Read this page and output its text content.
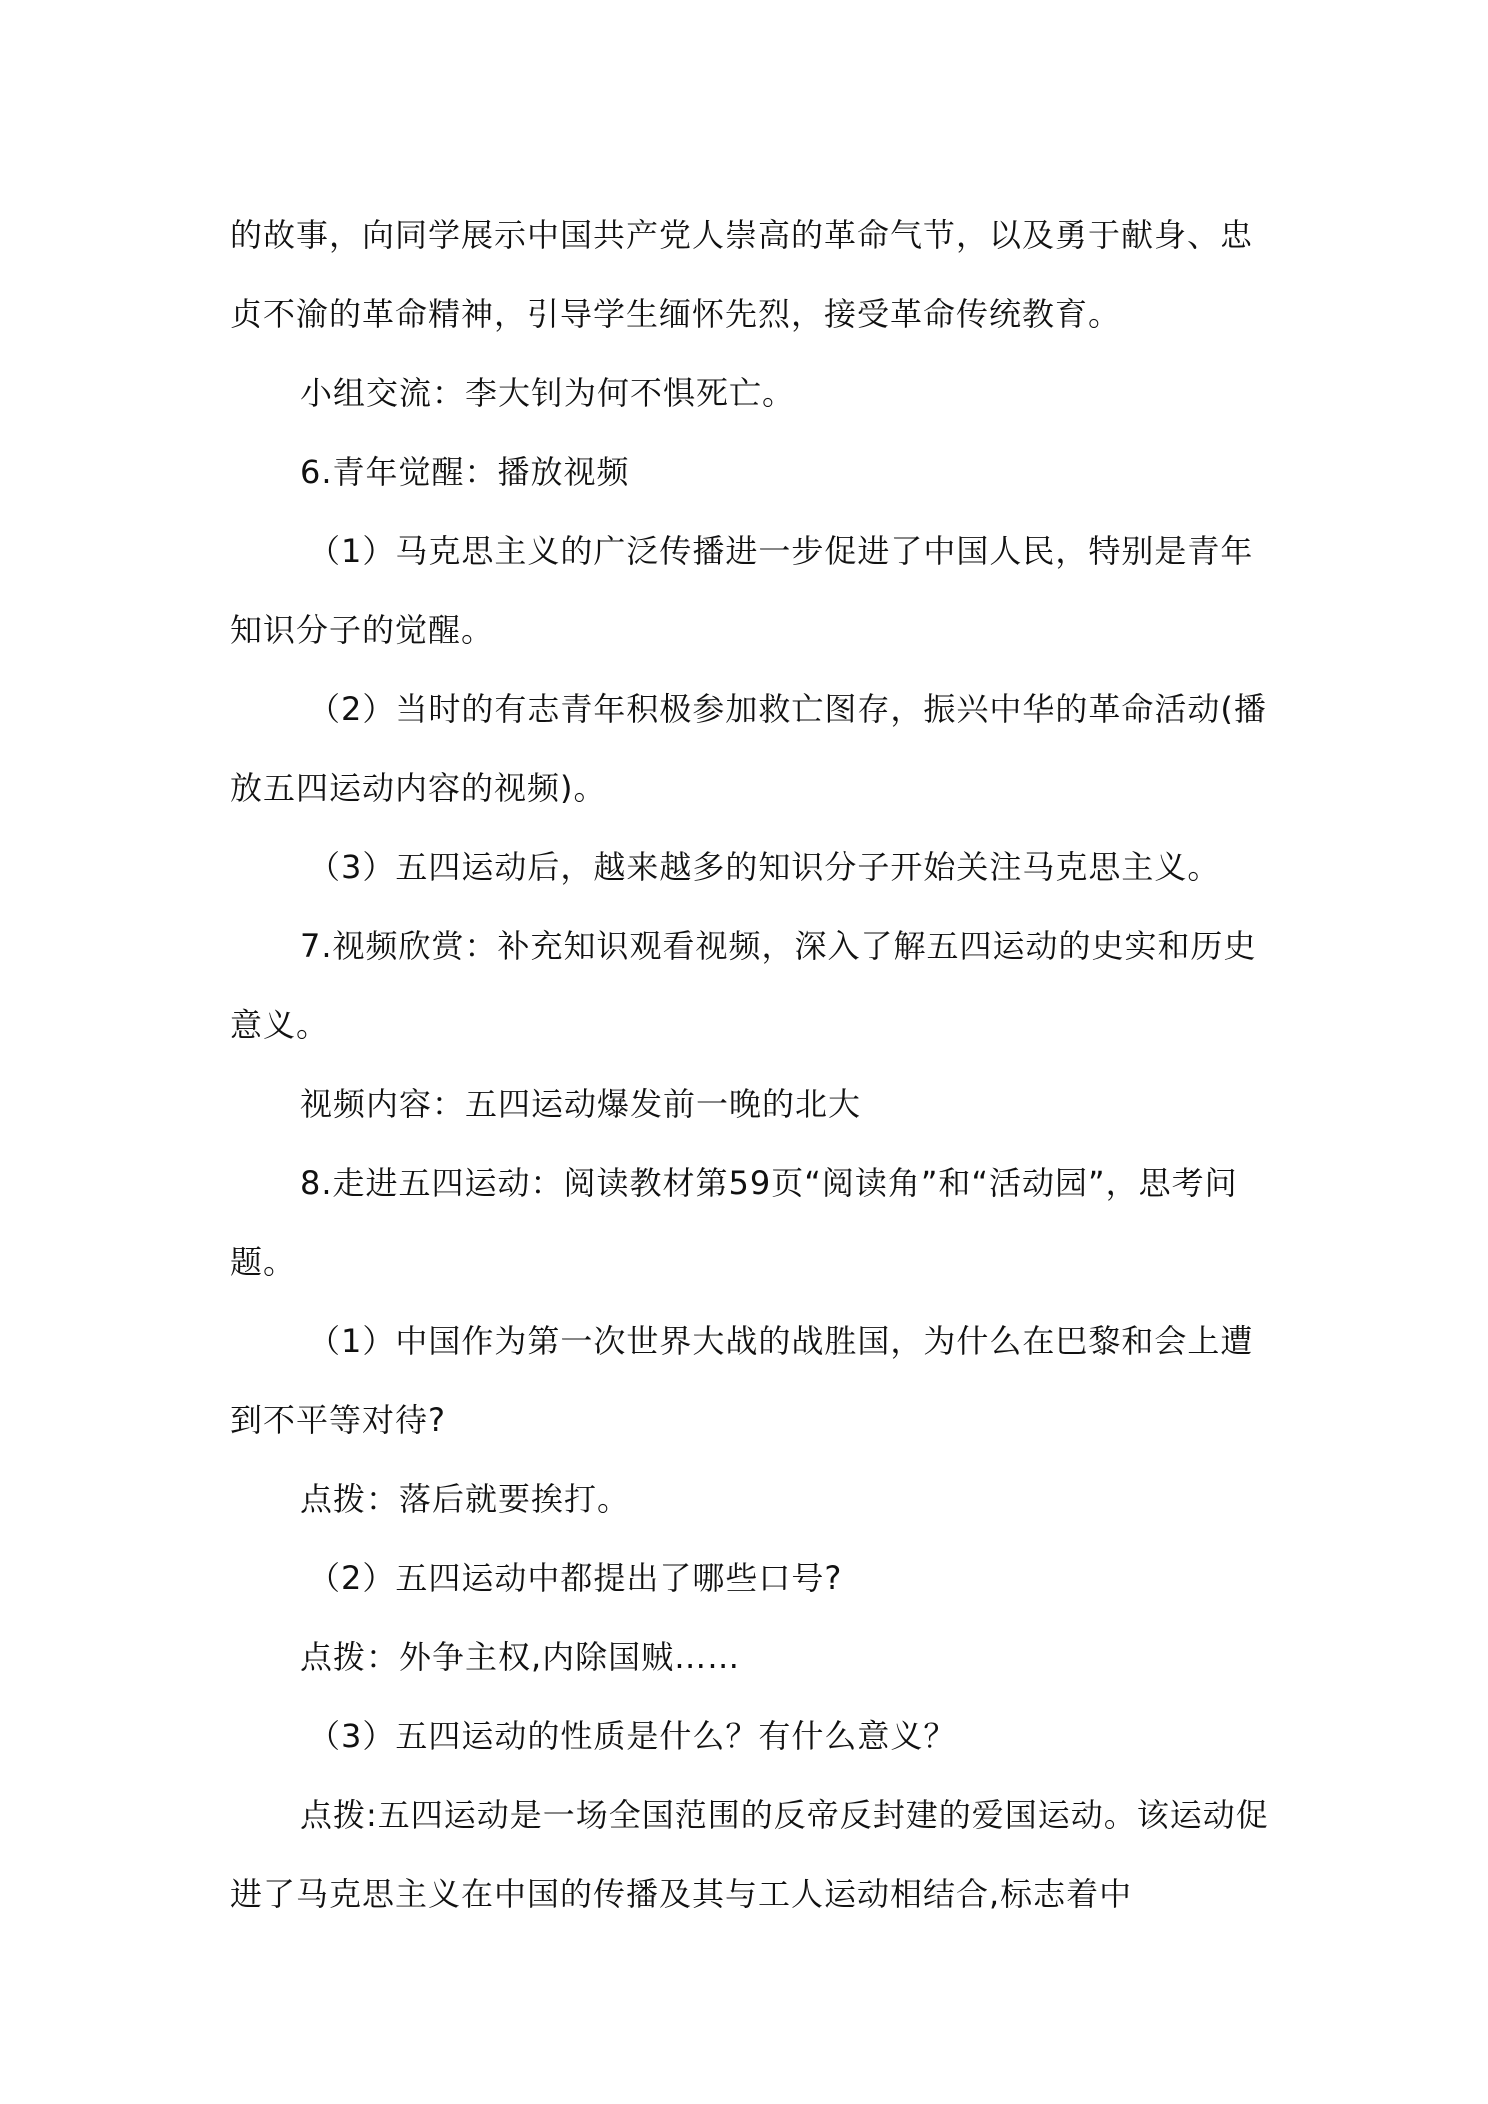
的故事，向同学展示中国共产党人崇高的革命气节，以及勇于献身、忠贞不渝的革命精神，引导学生缅怀先烈，接受革命传统教育。

小组交流：李大钊为何不惧死亡。

6.青年觉醒：播放视频

（1）马克思主义的广泛传播进一步促进了中国人民，特别是青年知识分子的觉醒。

（2）当时的有志青年积极参加救亡图存，振兴中华的革命活动(播放五四运动内容的视频)。

（3）五四运动后，越来越多的知识分子开始关注马克思主义。

7.视频欣赏：补充知识观看视频，深入了解五四运动的史实和历史意义。

视频内容：五四运动爆发前一晚的北大

8.走进五四运动：阅读教材第59页“阅读角”和“活动园”，思考问题。

（1）中国作为第一次世界大战的战胜国，为什么在巴黎和会上遭到不平等对待?

点拨：落后就要挨打。

（2）五四运动中都提出了哪些口号?

点拨：外争主权,内除国贼……

（3）五四运动的性质是什么？有什么意义？

点拨:五四运动是一场全国范围的反帝反封建的爱国运动。该运动促进了马克思主义在中国的传播及其与工人运动相结合,标志着中
